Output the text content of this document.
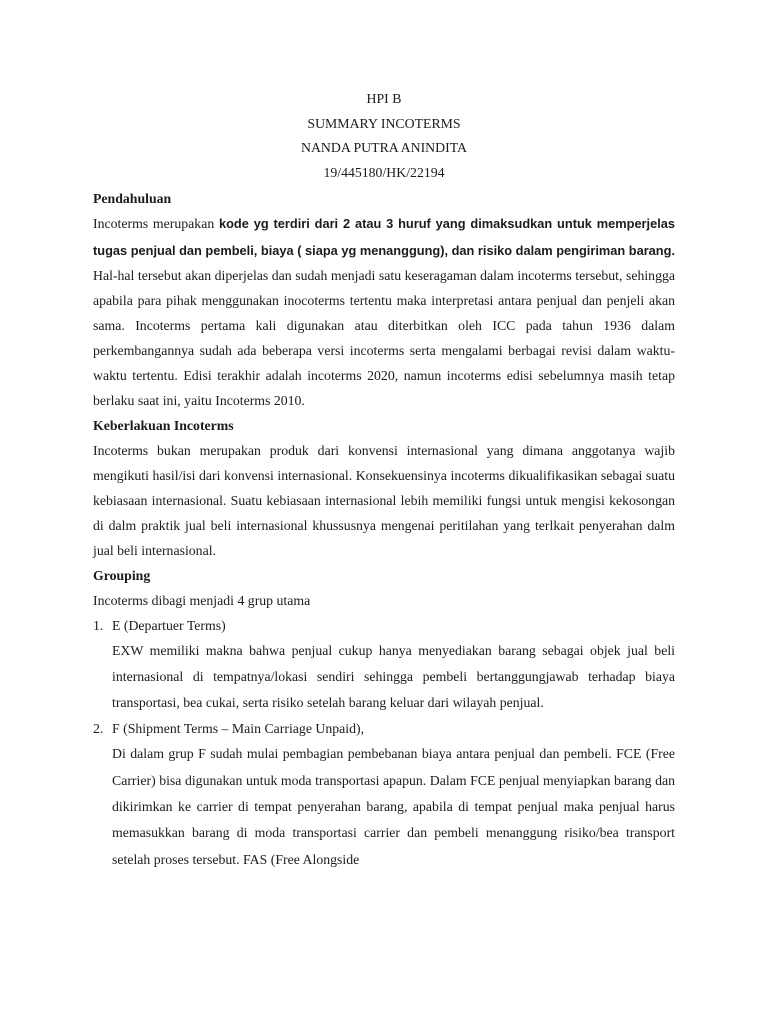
HPI B
SUMMARY INCOTERMS
NANDA PUTRA ANINDITA
19/445180/HK/22194
Pendahuluan

Incoterms merupakan kode yg terdiri dari 2 atau 3 huruf yang dimaksudkan untuk memperjelas tugas penjual dan pembeli, biaya ( siapa yg menanggung), dan risiko dalam pengiriman barang. Hal-hal tersebut akan diperjelas dan sudah menjadi satu keseragaman dalam incoterms tersebut, sehingga apabila para pihak menggunakan inocoterms tertentu maka interpretasi antara penjual dan penjeli akan sama. Incoterms pertama kali digunakan atau diterbitkan oleh ICC pada tahun 1936 dalam perkembangannya sudah ada beberapa versi incoterms serta mengalami berbagai revisi dalam waktu-waktu tertentu. Edisi terakhir adalah incoterms 2020, namun incoterms edisi sebelumnya masih tetap berlaku saat ini, yaitu Incoterms 2010.

Keberlakuan Incoterms

Incoterms bukan merupakan produk dari konvensi internasional yang dimana anggotanya wajib mengikuti hasil/isi dari konvensi internasional. Konsekuensinya incoterms dikualifikasikan sebagai suatu kebiasaan internasional. Suatu kebiasaan internasional lebih memiliki fungsi untuk mengisi kekosongan di dalm praktik jual beli internasional khussusnya mengenai peritilahan yang terlkait penyerahan dalm jual beli internasional.

Grouping

Incoterms dibagi menjadi 4 grup utama

1. E (Departuer Terms)

EXW memiliki makna bahwa penjual cukup hanya menyediakan barang sebagai objek jual beli internasional di tempatnya/lokasi sendiri sehingga pembeli bertanggungjawab terhadap biaya transportasi, bea cukai, serta risiko setelah barang keluar dari wilayah penjual.

2. F (Shipment Terms – Main Carriage Unpaid),

Di dalam grup F sudah mulai pembagian pembebanan biaya antara penjual dan pembeli. FCE (Free Carrier) bisa digunakan untuk moda transportasi apapun. Dalam FCE penjual menyiapkan barang dan dikirimkan ke carrier di tempat penyerahan barang, apabila di tempat penjual maka penjual harus memasukkan barang di moda transportasi carrier dan pembeli menanggung risiko/bea transport setelah proses tersebut. FAS (Free Alongside
